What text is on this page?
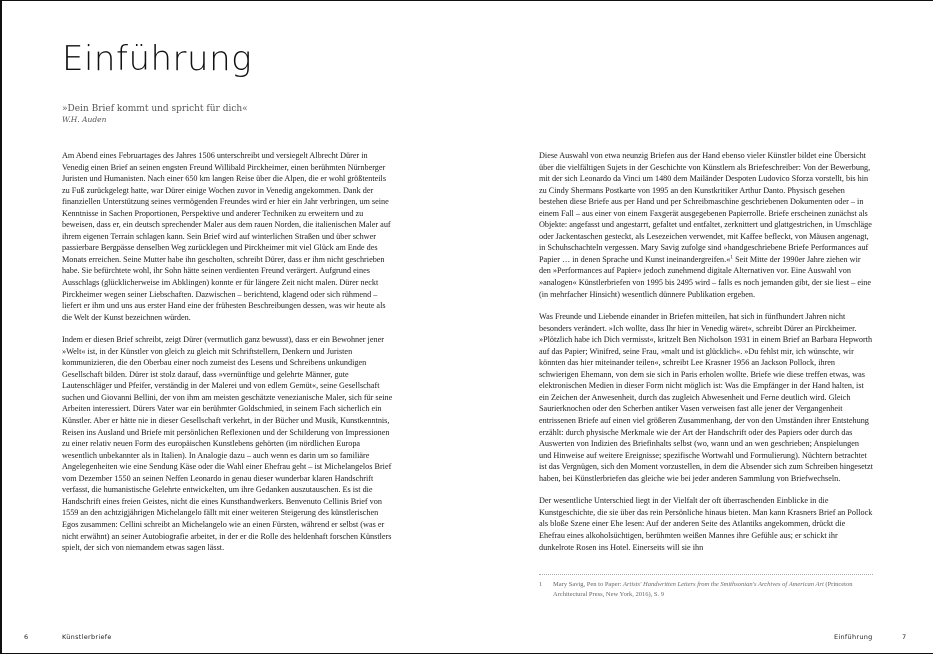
Einführung
»Dein Brief kommt und spricht für dich«
W.H. Auden

Am Abend eines Februartages des Jahres 1506 unterschreibt und versiegelt Albrecht Dürer in Venedig einen Brief an seinen engsten Freund Willibald Pirckheimer, einen berühmten Nürnberger Juristen und Humanisten. Nach einer 650 km langen Reise über die Alpen, die er wohl größtenteils zu Fuß zurückgelegt hatte, war Dürer einige Wochen zuvor in Venedig angekommen. Dank der finanziellen Unterstützung seines vermögenden Freundes wird er hier ein Jahr verbringen, um seine Kenntnisse in Sachen Proportionen, Perspektive und anderer Techniken zu erweitern und zu beweisen, dass er, ein deutsch sprechender Maler aus dem rauen Norden, die italienischen Maler auf ihrem eigenen Terrain schlagen kann. Sein Brief wird auf winterlichen Straßen und über schwer passierbare Bergpässe denselben Weg zurücklegen und Pirckheimer mit viel Glück am Ende des Monats erreichen. Seine Mutter habe ihn gescholten, schreibt Dürer, dass er ihm nicht geschrieben habe. Sie befürchtete wohl, ihr Sohn hätte seinen verdienten Freund verärgert. Aufgrund eines Ausschlags (glücklicherweise im Abklingen) konnte er für längere Zeit nicht malen. Dürer neckt Pirckheimer wegen seiner Liebschaften. Dazwischen – berichtend, klagend oder sich rühmend – liefert er ihm und uns aus erster Hand eine der frühesten Beschreibungen dessen, was wir heute als die Welt der Kunst bezeichnen würden.

Indem er diesen Brief schreibt, zeigt Dürer (vermutlich ganz bewusst), dass er ein Bewohner jener »Welt« ist, in der Künstler von gleich zu gleich mit Schriftstellern, Denkern und Juristen kommunizieren, die den Oberbau einer noch zumeist des Lesens und Schreibens unkundigen Gesellschaft bilden. Dürer ist stolz darauf, dass »vernünftige und gelehrte Männer, gute Lautenschläger und Pfeifer, verständig in der Malerei und von edlem Gemüt«, seine Gesellschaft suchen und Giovanni Bellini, der von ihm am meisten geschätzte venezianische Maler, sich für seine Arbeiten interessiert. Dürers Vater war ein berühmter Goldschmied, in seinem Fach sicherlich ein Künstler. Aber er hätte nie in dieser Gesellschaft verkehrt, in der Bücher und Musik, Kunstkenntnis, Reisen ins Ausland und Briefe mit persönlichen Reflexionen und der Schilderung von Impressionen zu einer relativ neuen Form des europäischen Kunstlebens gehörten (im nördlichen Europa wesentlich unbekannter als in Italien). In Analogie dazu – auch wenn es darin um so familiäre Angelegenheiten wie eine Sendung Käse oder die Wahl einer Ehefrau geht – ist Michelangelos Brief vom Dezember 1550 an seinen Neffen Leonardo in genau dieser wunderbar klaren Handschrift verfasst, die humanistische Gelehrte entwickelten, um ihre Gedanken auszutauschen. Es ist die Handschrift eines freien Geistes, nicht die eines Kunsthandwerkers. Benvenuto Cellinis Brief von 1559 an den achtzigjährigen Michelangelo fällt mit einer weiteren Steigerung des künstlerischen Egos zusammen: Cellini schreibt an Michelangelo wie an einen Fürsten, während er selbst (was er nicht erwähnt) an seiner Autobiografie arbeitet, in der er die Rolle des heldenhaft forschen Künstlers spielt, der sich von niemandem etwas sagen lässt.

6	Künstlerbriefe

Diese Auswahl von etwa neunzig Briefen aus der Hand ebenso vieler Künstler bildet eine Übersicht über die vielfältigen Sujets in der Geschichte von Künstlern als Briefeschreiber: Von der Bewerbung, mit der sich Leonardo da Vinci um 1480 dem Mailänder Despoten Ludovico Sforza vorstellt, bis hin zu Cindy Shermans Postkarte von 1995 an den Kunstkritiker Arthur Danto. Physisch gesehen bestehen diese Briefe aus per Hand und per Schreibmaschine geschriebenen Dokumenten oder – in einem Fall – aus einer von einem Faxgerät ausgegebenen Papierrolle. Briefe erscheinen zunächst als Objekte: angefasst und angestarrt, gefaltet und entfaltet, zerknittert und glattgestrichen, in Umschläge oder Jackentaschen gesteckt, als Lesezeichen verwendet, mit Kaffee befleckt, von Mäusen angenagt, in Schuhschachteln vergessen. Mary Savig zufolge sind »handgeschriebene Briefe Performances auf Papier … in denen Sprache und Kunst ineinandergreifen.«$^1$ Seit Mitte der 1990er Jahre ziehen wir den »Performances auf Papier« jedoch zunehmend digitale Alternativen vor. Eine Auswahl von »analogen« Künstlerbriefen von 1995 bis 2495 wird – falls es noch jemanden gibt, der sie liest – eine (in mehrfacher Hinsicht) wesentlich dünnere Publikation ergeben.

Was Freunde und Liebende einander in Briefen mitteilen, hat sich in fünfhundert Jahren nicht besonders verändert. »Ich wollte, dass Ihr hier in Venedig wäret«, schreibt Dürer an Pirckheimer. »Plötzlich habe ich Dich vermisst«, kritzelt Ben Nicholson 1931 in einem Brief an Barbara Hepworth auf das Papier; Winifred, seine Frau, »malt und ist glücklich«. »Du fehlst mir, ich wünschte, wir könnten das hier miteinander teilen«, schreibt Lee Krasner 1956 an Jackson Pollock, ihren schwierigen Ehemann, von dem sie sich in Paris erholen wollte. Briefe wie diese treffen etwas, was elektronischen Medien in dieser Form nicht möglich ist: Was die Empfänger in der Hand halten, ist ein Zeichen der Anwesenheit, durch das zugleich Abwesenheit und Ferne deutlich wird. Gleich Saurierknochen oder den Scherben antiker Vasen verweisen fast alle jener der Vergangenheit entrissenen Briefe auf einen viel größeren Zusammenhang, der von den Umständen ihrer Entstehung erzählt: durch physische Merkmale wie der Art der Handschrift oder des Papiers oder durch das Auswerten von Indizien des Briefinhalts selbst (wo, wann und an wen geschrieben; Anspielungen und Hinweise auf weitere Ereignisse; spezifische Wortwahl und Formulierung). Nüchtern betrachtet ist das Vergnügen, sich den Moment vorzustellen, in dem die Absender sich zum Schreiben hingesetzt haben, bei Künstlerbriefen das gleiche wie bei jeder anderen Sammlung von Briefwechseln.

Der wesentliche Unterschied liegt in der Vielfalt der oft überraschenden Einblicke in die Kunstgeschichte, die sie über das rein Persönliche hinaus bieten. Man kann Krasners Brief an Pollock als bloße Szene einer Ehe lesen: Auf der anderen Seite des Atlantiks angekommen, drückt die Ehefrau eines alkoholsüchtigen, berühmten weißen Mannes ihre Gefühle aus; er schickt ihr dunkelrote Rosen ins Hotel. Einerseits will sie ihn

1	Mary Savig, Pen to Paper: Artists' Handwritten Letters from the Smithsonian's Archives of American Art (Princeton Architectural Press, New York, 2016), S. 9
Einführung	7
